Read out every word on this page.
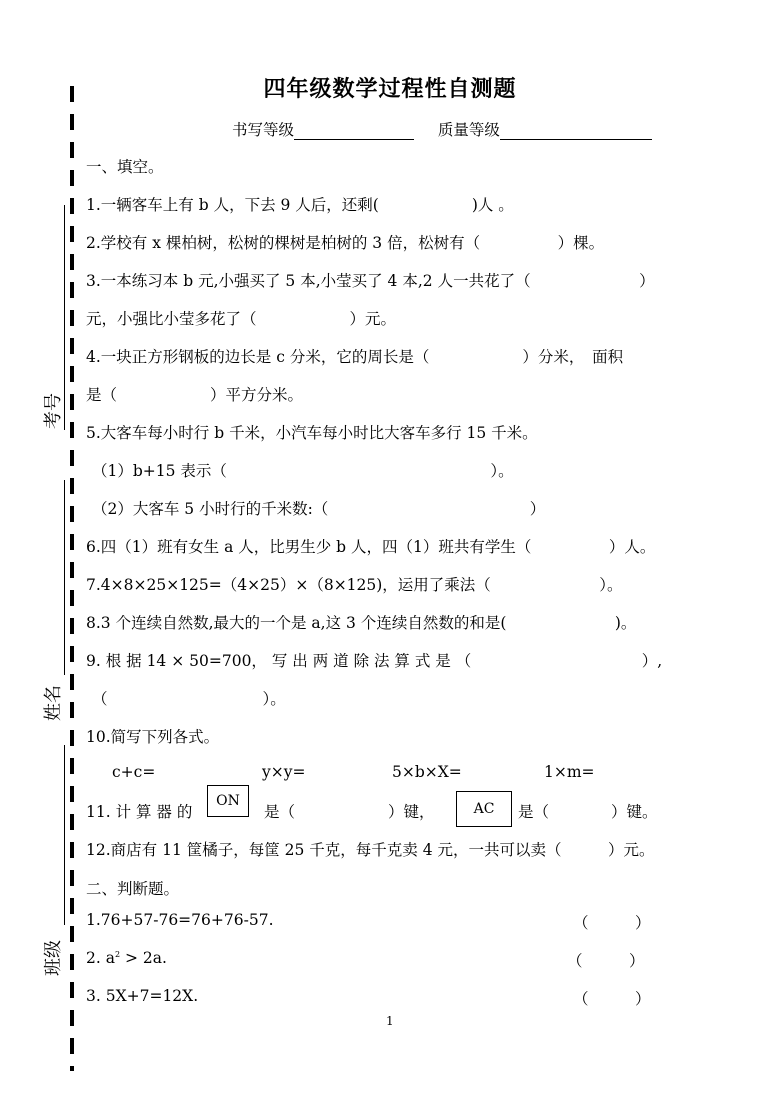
考号
姓名
班级
四年级数学过程性自测题
书写等级	质量等级
一、填空。
1.一辆客车上有 b 人，下去 9 人后，还剩(　　　　　　)人 。
2.学校有 x 棵柏树，松树的棵树是柏树的 3 倍，松树有（　　　　　）棵。
3.一本练习本 b 元,小强买了 5 本,小莹买了 4 本,2 人一共花了（　　　　　　　）
元，小强比小莹多花了（　　　　　　）元。
4.一块正方形钢板的边长是 c 分米，它的周长是（　　　　　　）分米，　面积
是（　　　　　　）平方分米。
5.大客车每小时行 b 千米，小汽车每小时比大客车多行 15 千米。
（1）b+15 表示（　　　　　　　　　　　　　　　　　）。
（2）大客车 5 小时行的千米数:（　　　　　　　　　　　　　）
6.四（1）班有女生 a 人，比男生少 b 人，四（1）班共有学生（　　　　　）人。
7.4×8×25×125=（4×25）×（8×125)，运用了乘法（　　　　　　　）。
8.3 个连续自然数,最大的一个是 a,这 3 个连续自然数的和是(　　　　　　　)。
9. 根 据 14 × 50=700， 写 出 两 道 除 法 算 式 是 （　　　　　　　　　　　）,
（　　　　　　　　　　）。
10.简写下列各式。
c+c=	y×y=	5×b×X=	1×m=
11. 计 算 器 的
ON
是（　　　　　　）键，	AC	是（　　　　）键。
12.商店有 11 筐橘子，每筐 25 千克，每千克卖 4 元，一共可以卖（　　　）元。
二、判断题。
1.76+57-76=76+76-57.	（　　　）
2. $a^2 > 2a$.	（　　　）
3. 5X+7=12X.	（　　　）
1
